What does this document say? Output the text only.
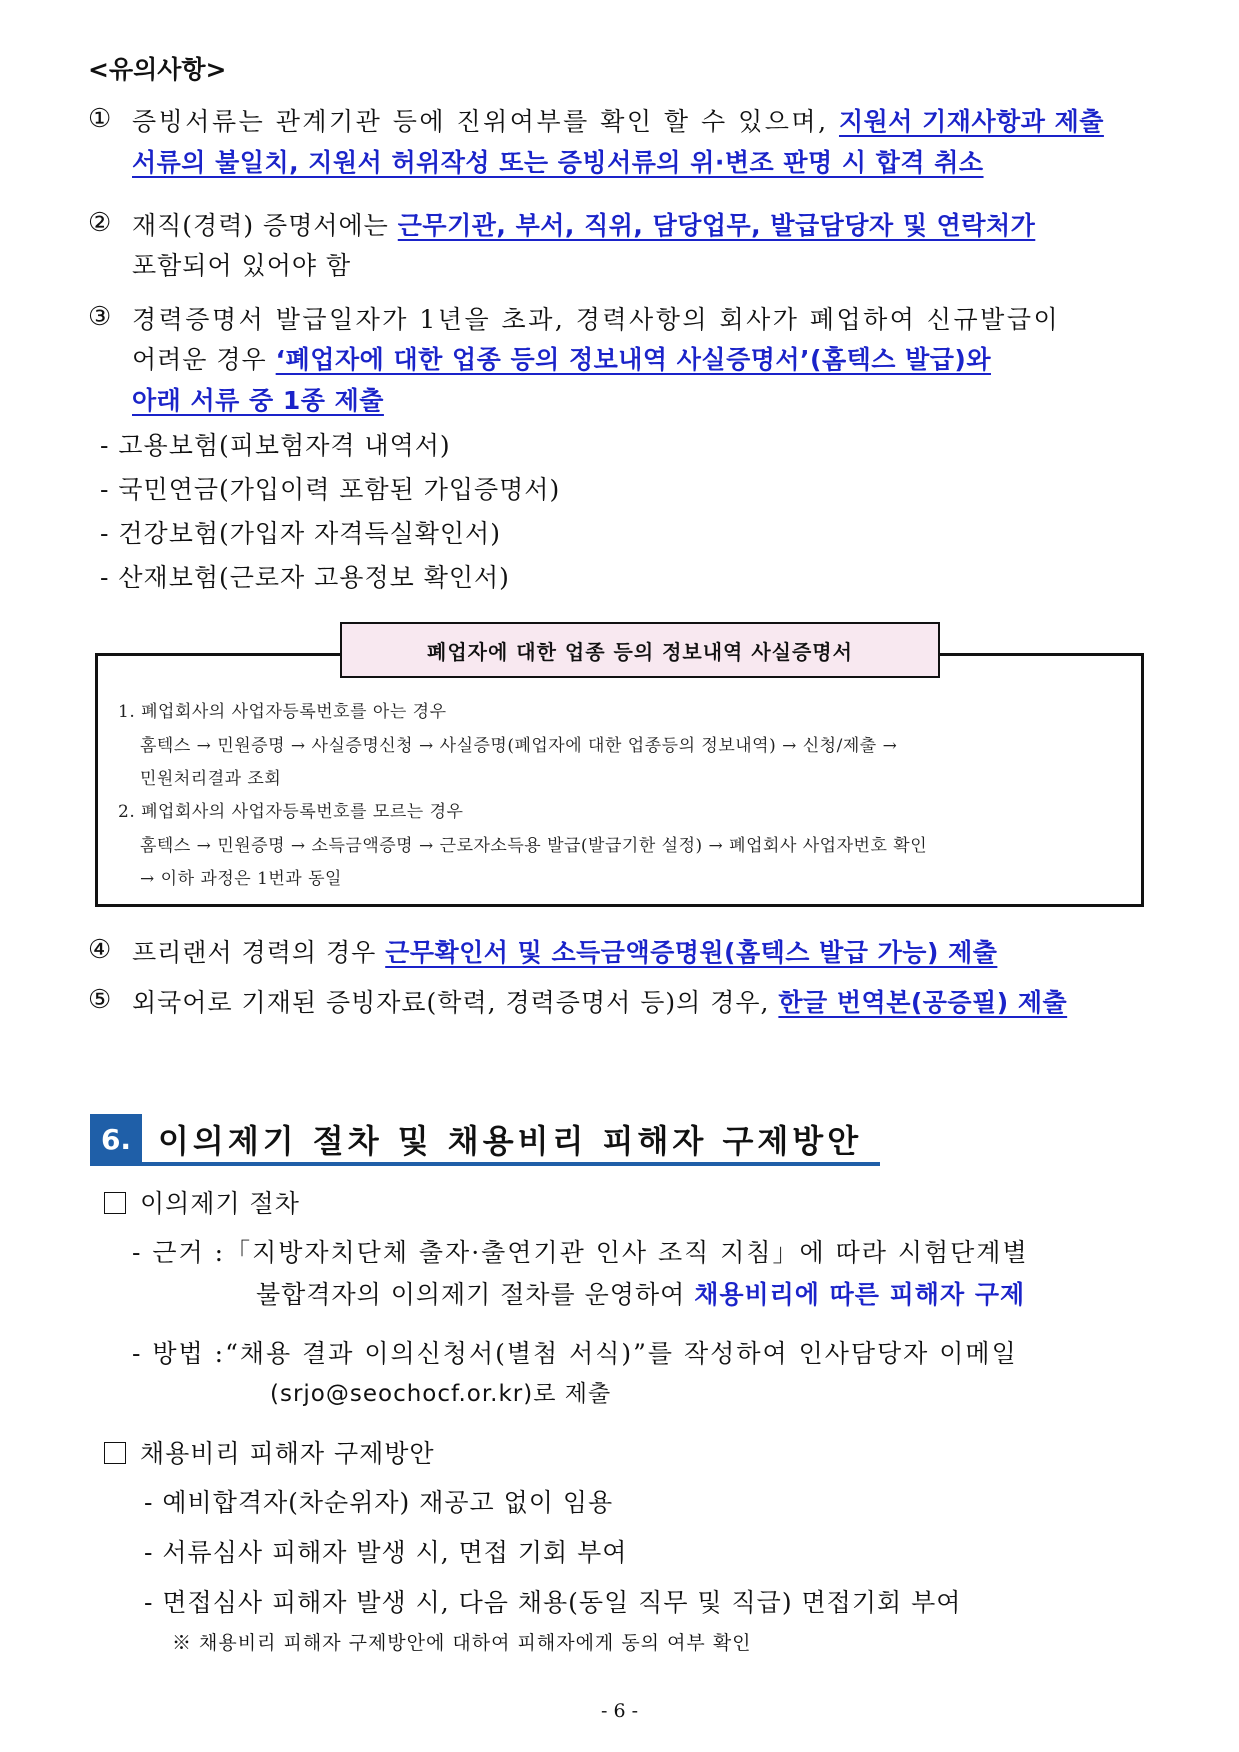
<유의사항>
① 증빙서류는 관계기관 등에 진위여부를 확인 할 수 있으며, 지원서 기재사항과 제출
서류의 불일치, 지원서 허위작성 또는 증빙서류의 위·변조 판명 시 합격 취소
② 재직(경력) 증명서에는 근무기관, 부서, 직위, 담당업무, 발급담당자 및 연락처가
포함되어 있어야 함
③ 경력증명서 발급일자가 1년을 초과, 경력사항의 회사가 폐업하여 신규발급이
어려운 경우 ‘폐업자에 대한 업종 등의 정보내역 사실증명서’(홈텍스 발급)와
아래 서류 중 1종 제출
- 고용보험(피보험자격 내역서)
- 국민연금(가입이력 포함된 가입증명서)
- 건강보험(가입자 자격득실확인서)
- 산재보험(근로자 고용정보 확인서)
폐업자에 대한 업종 등의 정보내역 사실증명서
1. 폐업회사의 사업자등록번호를 아는 경우
홈텍스 → 민원증명 → 사실증명신청 → 사실증명(폐업자에 대한 업종등의 정보내역) → 신청/제출 →
민원처리결과 조회
2. 폐업회사의 사업자등록번호를 모르는 경우
홈텍스 → 민원증명 → 소득금액증명 → 근로자소득용 발급(발급기한 설정) → 폐업회사 사업자번호 확인
→ 이하 과정은 1번과 동일
④ 프리랜서 경력의 경우 근무확인서 및 소득금액증명원(홈텍스 발급 가능) 제출
⑤ 외국어로 기재된 증빙자료(학력, 경력증명서 등)의 경우, 한글 번역본(공증필) 제출
6. 이의제기 절차 및 채용비리 피해자 구제방안
이의제기 절차
- 근거 :「지방자치단체 출자·출연기관 인사 조직 지침」에 따라 시험단계별
불합격자의 이의제기 절차를 운영하여 채용비리에 따른 피해자 구제
- 방법 :“채용 결과 이의신청서(별첨 서식)”를 작성하여 인사담당자 이메일
(srjo@seochocf.or.kr)로 제출
채용비리 피해자 구제방안
- 예비합격자(차순위자) 재공고 없이 임용
- 서류심사 피해자 발생 시, 면접 기회 부여
- 면접심사 피해자 발생 시, 다음 채용(동일 직무 및 직급) 면접기회 부여
※ 채용비리 피해자 구제방안에 대하여 피해자에게 동의 여부 확인
- 6 -
